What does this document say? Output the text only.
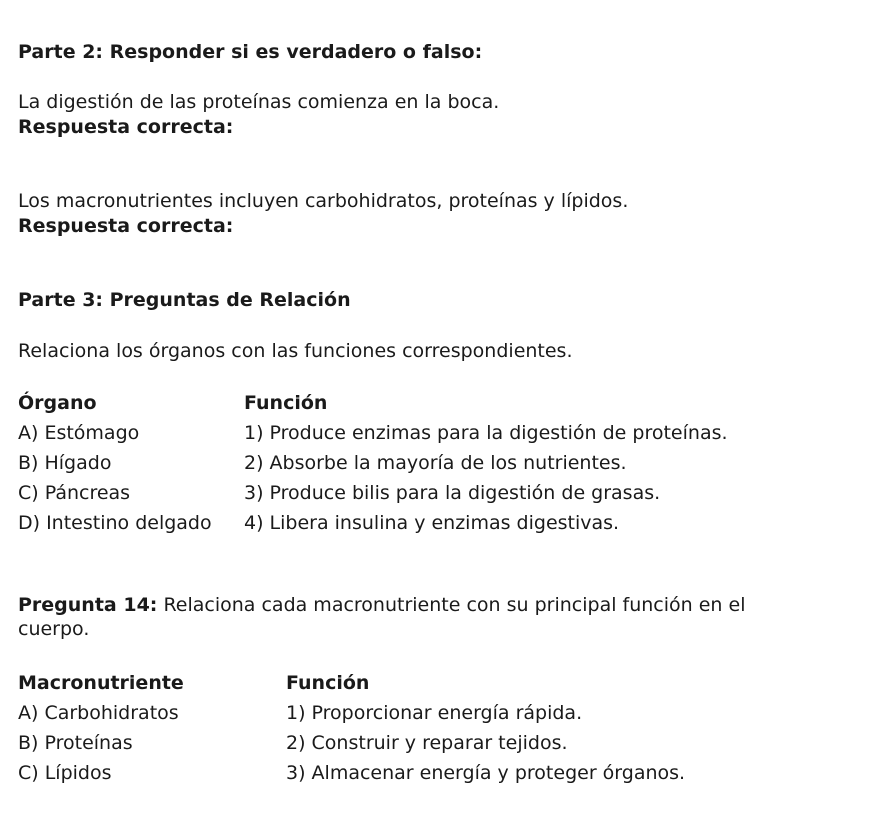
Parte 2: Responder si es verdadero o falso:
La digestión de las proteínas comienza en la boca.
Respuesta correcta:
Los macronutrientes incluyen carbohidratos, proteínas y lípidos.
Respuesta correcta:
Parte 3: Preguntas de Relación
Relaciona los órganos con las funciones correspondientes.
Órgano	Función
A) Estómago	1) Produce enzimas para la digestión de proteínas.
B) Hígado	2) Absorbe la mayoría de los nutrientes.
C) Páncreas	3) Produce bilis para la digestión de grasas.
D) Intestino delgado	4) Libera insulina y enzimas digestivas.
Pregunta 14: Relaciona cada macronutriente con su principal función en el cuerpo.
Macronutriente	Función
A) Carbohidratos	1) Proporcionar energía rápida.
B) Proteínas	2) Construir y reparar tejidos.
C) Lípidos	3) Almacenar energía y proteger órganos.
